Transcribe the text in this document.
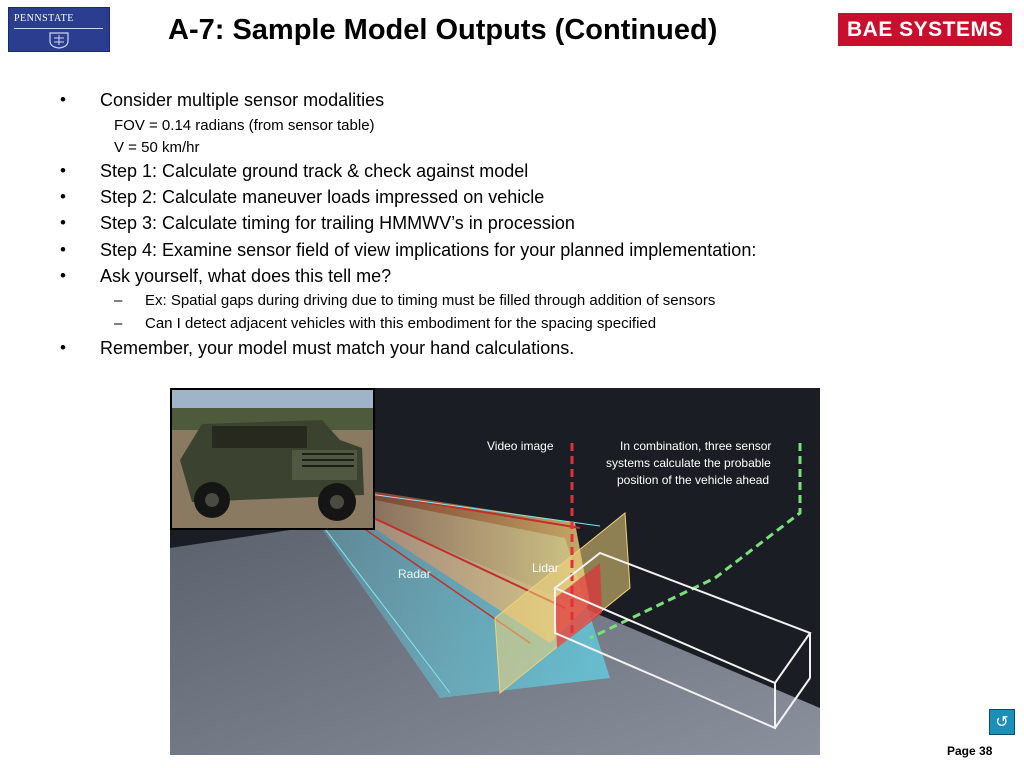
PENNSTATE	A-7: Sample Model Outputs (Continued)	BAE SYSTEMS
• Consider multiple sensor modalities
FOV = 0.14 radians (from sensor table)
V = 50 km/hr
• Step 1: Calculate ground track & check against model
• Step 2: Calculate maneuver loads impressed on vehicle
• Step 3: Calculate timing for trailing HMMWV’s in procession
• Step 4: Examine sensor field of view implications for your planned implementation:
• Ask yourself, what does this tell me?
– Ex: Spatial gaps during driving due to timing must be filled through addition of sensors
– Can I detect adjacent vehicles with this embodiment for the spacing specified
• Remember, your model must match your hand calculations.
Video image	In combination, three sensor
systems calculate the probable
position of the vehicle ahead
Radar	Lidar
↺
Page 38
